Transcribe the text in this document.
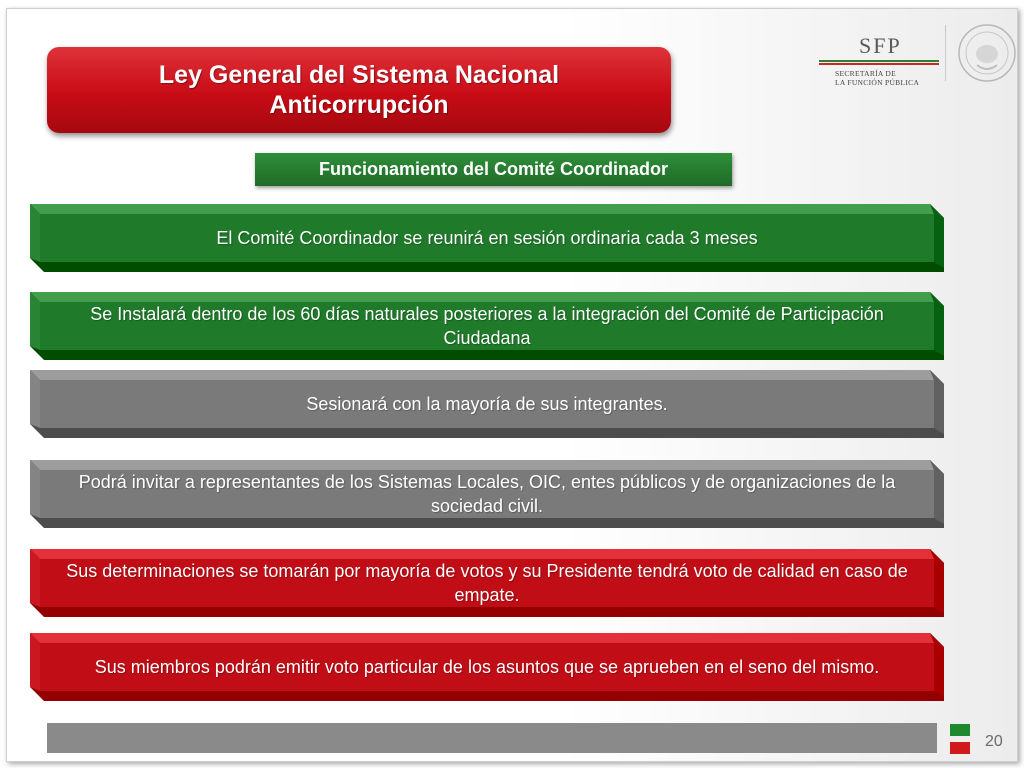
Ley General del Sistema Nacional Anticorrupción
SFP
SECRETARÍA DE
LA FUNCIÓN PÚBLICA
Funcionamiento del Comité Coordinador
20
El Comité Coordinador se reunirá en sesión ordinaria cada 3 meses
Se Instalará dentro de los 60 días naturales posteriores a la integración del Comité de Participación Ciudadana
Sesionará con la mayoría de sus integrantes.
Podrá invitar a representantes de los Sistemas Locales, OIC, entes públicos y de organizaciones de la sociedad civil.
Sus determinaciones se tomarán por mayoría de votos y su Presidente tendrá voto de calidad en caso de empate.
Sus miembros podrán emitir voto particular de los asuntos que se aprueben en el seno del mismo.
